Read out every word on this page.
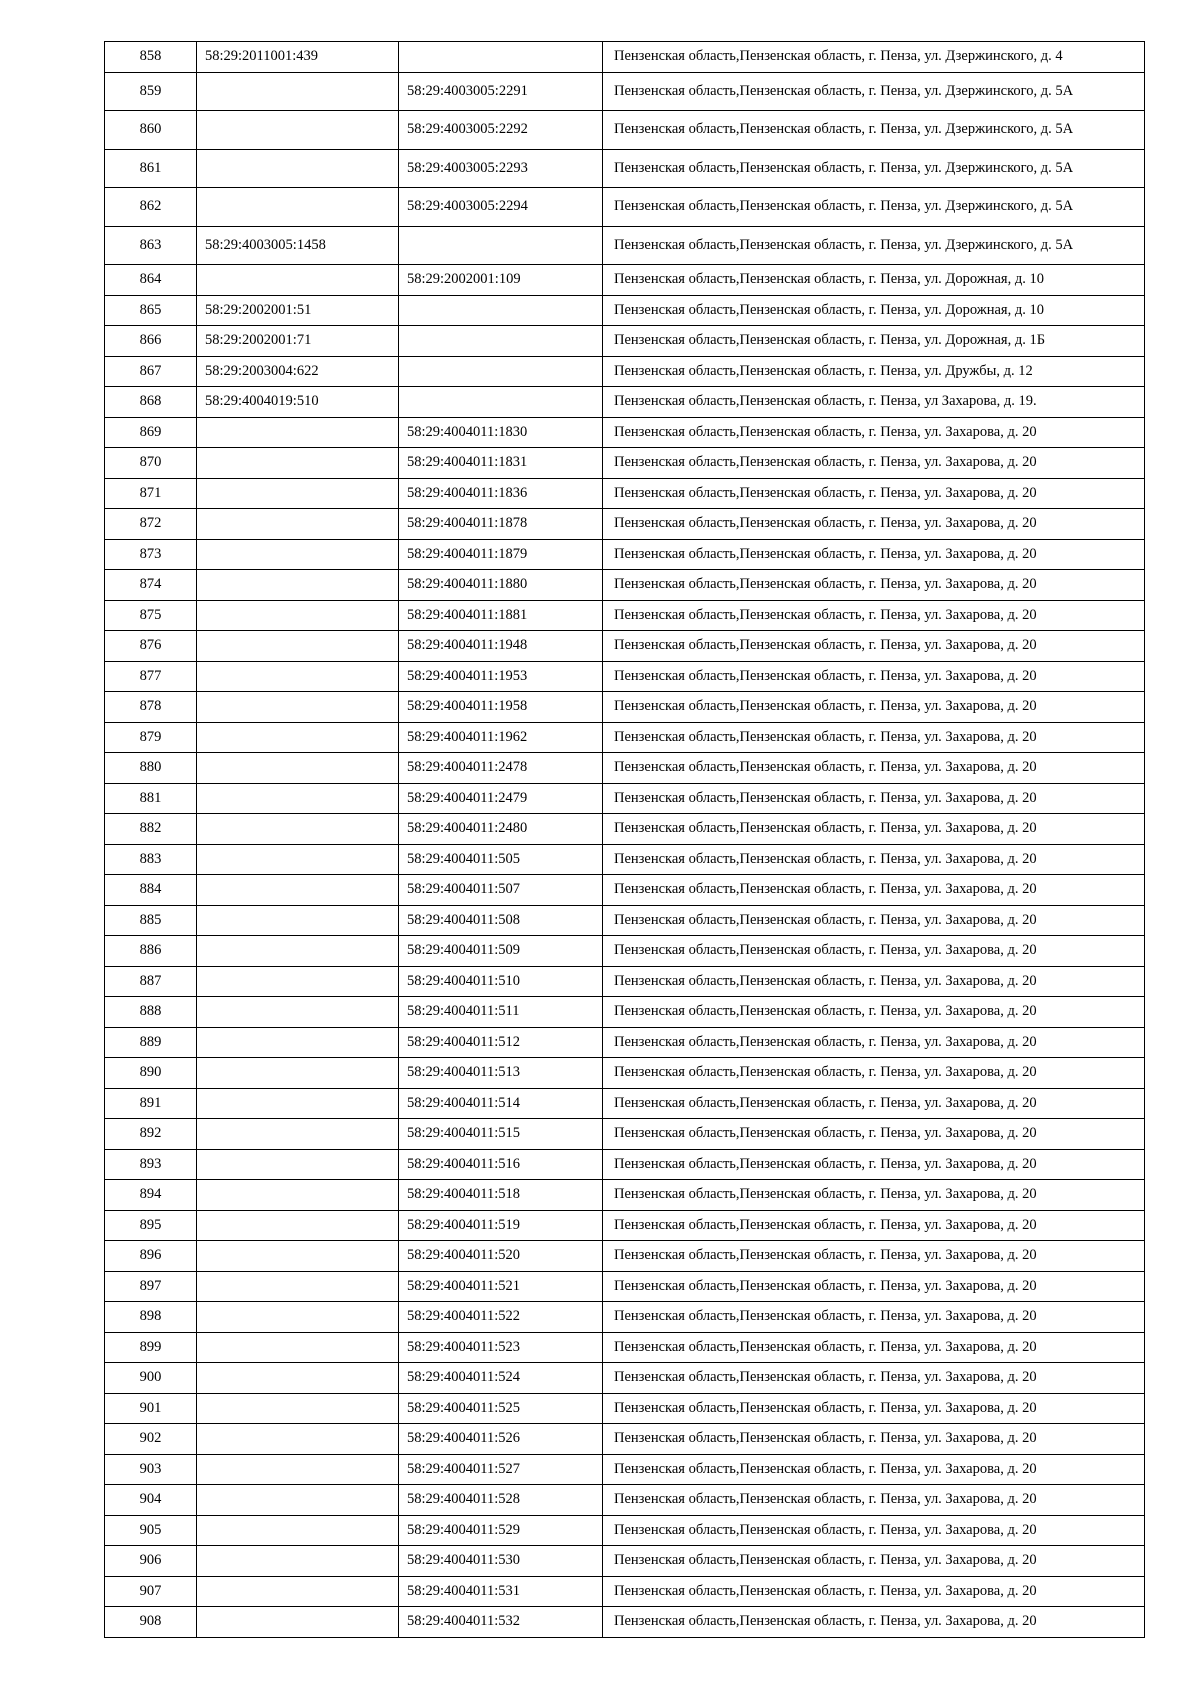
858	58:29:2011001:439		Пензенская область,Пензенская область, г. Пенза, ул. Дзержинского, д. 4
859		58:29:4003005:2291	Пензенская область,Пензенская область, г. Пенза, ул. Дзержинского, д. 5А
860		58:29:4003005:2292	Пензенская область,Пензенская область, г. Пенза, ул. Дзержинского, д. 5А
861		58:29:4003005:2293	Пензенская область,Пензенская область, г. Пенза, ул. Дзержинского, д. 5А
862		58:29:4003005:2294	Пензенская область,Пензенская область, г. Пенза, ул. Дзержинского, д. 5А
863	58:29:4003005:1458		Пензенская область,Пензенская область, г. Пенза, ул. Дзержинского, д. 5А
864		58:29:2002001:109	Пензенская область,Пензенская область, г. Пенза, ул. Дорожная, д. 10
865	58:29:2002001:51		Пензенская область,Пензенская область, г. Пенза, ул. Дорожная, д. 10
866	58:29:2002001:71		Пензенская область,Пензенская область, г. Пенза, ул. Дорожная, д. 1Б
867	58:29:2003004:622		Пензенская область,Пензенская область, г. Пенза, ул. Дружбы, д. 12
868	58:29:4004019:510		Пензенская область,Пензенская область, г. Пенза, ул Захарова, д. 19.
869		58:29:4004011:1830	Пензенская область,Пензенская область, г. Пенза, ул. Захарова, д. 20
870		58:29:4004011:1831	Пензенская область,Пензенская область, г. Пенза, ул. Захарова, д. 20
871		58:29:4004011:1836	Пензенская область,Пензенская область, г. Пенза, ул. Захарова, д. 20
872		58:29:4004011:1878	Пензенская область,Пензенская область, г. Пенза, ул. Захарова, д. 20
873		58:29:4004011:1879	Пензенская область,Пензенская область, г. Пенза, ул. Захарова, д. 20
874		58:29:4004011:1880	Пензенская область,Пензенская область, г. Пенза, ул. Захарова, д. 20
875		58:29:4004011:1881	Пензенская область,Пензенская область, г. Пенза, ул. Захарова, д. 20
876		58:29:4004011:1948	Пензенская область,Пензенская область, г. Пенза, ул. Захарова, д. 20
877		58:29:4004011:1953	Пензенская область,Пензенская область, г. Пенза, ул. Захарова, д. 20
878		58:29:4004011:1958	Пензенская область,Пензенская область, г. Пенза, ул. Захарова, д. 20
879		58:29:4004011:1962	Пензенская область,Пензенская область, г. Пенза, ул. Захарова, д. 20
880		58:29:4004011:2478	Пензенская область,Пензенская область, г. Пенза, ул. Захарова, д. 20
881		58:29:4004011:2479	Пензенская область,Пензенская область, г. Пенза, ул. Захарова, д. 20
882		58:29:4004011:2480	Пензенская область,Пензенская область, г. Пенза, ул. Захарова, д. 20
883		58:29:4004011:505	Пензенская область,Пензенская область, г. Пенза, ул. Захарова, д. 20
884		58:29:4004011:507	Пензенская область,Пензенская область, г. Пенза, ул. Захарова, д. 20
885		58:29:4004011:508	Пензенская область,Пензенская область, г. Пенза, ул. Захарова, д. 20
886		58:29:4004011:509	Пензенская область,Пензенская область, г. Пенза, ул. Захарова, д. 20
887		58:29:4004011:510	Пензенская область,Пензенская область, г. Пенза, ул. Захарова, д. 20
888		58:29:4004011:511	Пензенская область,Пензенская область, г. Пенза, ул. Захарова, д. 20
889		58:29:4004011:512	Пензенская область,Пензенская область, г. Пенза, ул. Захарова, д. 20
890		58:29:4004011:513	Пензенская область,Пензенская область, г. Пенза, ул. Захарова, д. 20
891		58:29:4004011:514	Пензенская область,Пензенская область, г. Пенза, ул. Захарова, д. 20
892		58:29:4004011:515	Пензенская область,Пензенская область, г. Пенза, ул. Захарова, д. 20
893		58:29:4004011:516	Пензенская область,Пензенская область, г. Пенза, ул. Захарова, д. 20
894		58:29:4004011:518	Пензенская область,Пензенская область, г. Пенза, ул. Захарова, д. 20
895		58:29:4004011:519	Пензенская область,Пензенская область, г. Пенза, ул. Захарова, д. 20
896		58:29:4004011:520	Пензенская область,Пензенская область, г. Пенза, ул. Захарова, д. 20
897		58:29:4004011:521	Пензенская область,Пензенская область, г. Пенза, ул. Захарова, д. 20
898		58:29:4004011:522	Пензенская область,Пензенская область, г. Пенза, ул. Захарова, д. 20
899		58:29:4004011:523	Пензенская область,Пензенская область, г. Пенза, ул. Захарова, д. 20
900		58:29:4004011:524	Пензенская область,Пензенская область, г. Пенза, ул. Захарова, д. 20
901		58:29:4004011:525	Пензенская область,Пензенская область, г. Пенза, ул. Захарова, д. 20
902		58:29:4004011:526	Пензенская область,Пензенская область, г. Пенза, ул. Захарова, д. 20
903		58:29:4004011:527	Пензенская область,Пензенская область, г. Пенза, ул. Захарова, д. 20
904		58:29:4004011:528	Пензенская область,Пензенская область, г. Пенза, ул. Захарова, д. 20
905		58:29:4004011:529	Пензенская область,Пензенская область, г. Пенза, ул. Захарова, д. 20
906		58:29:4004011:530	Пензенская область,Пензенская область, г. Пенза, ул. Захарова, д. 20
907		58:29:4004011:531	Пензенская область,Пензенская область, г. Пенза, ул. Захарова, д. 20
908		58:29:4004011:532	Пензенская область,Пензенская область, г. Пенза, ул. Захарова, д. 20
